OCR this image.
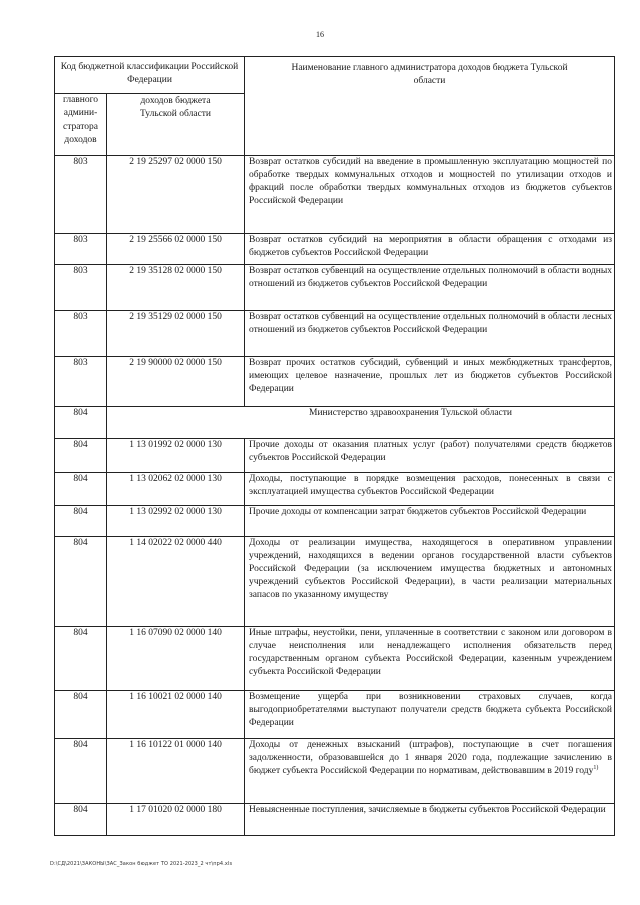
16
Код бюджетной классификации Российской Федерации		Наименование главного администратора доходов бюджета Тульской области
главного админи-стратора доходов	доходов бюджета Тульской области	
803	2 19 25297 02 0000 150	Возврат остатков субсидий на введение в промышленную эксплуатацию мощностей по обработке твердых коммунальных отходов и мощностей по утилизации отходов и фракций после обработки твердых коммунальных отходов из бюджетов субъектов Российской Федерации
803	2 19 25566 02 0000 150	Возврат остатков субсидий на мероприятия в области обращения с отходами из бюджетов субъектов Российской Федерации
803	2 19 35128 02 0000 150	Возврат остатков субвенций на осуществление отдельных полномочий в области водных отношений из бюджетов субъектов Российской Федерации
803	2 19 35129 02 0000 150	Возврат остатков субвенций на осуществление отдельных полномочий в области лесных отношений из бюджетов субъектов Российской Федерации
803	2 19 90000 02 0000 150	Возврат прочих остатков субсидий, субвенций и иных межбюджетных трансфертов, имеющих целевое назначение, прошлых лет из бюджетов субъектов Российской Федерации
804	Министерство здравоохранения Тульской области	
804	1 13 01992 02 0000 130	Прочие доходы от оказания платных услуг (работ) получателями средств бюджетов субъектов Российской Федерации
804	1 13 02062 02 0000 130	Доходы, поступающие в порядке возмещения расходов, понесенных в связи с эксплуатацией имущества субъектов Российской Федерации
804	1 13 02992 02 0000 130	Прочие доходы от компенсации затрат бюджетов субъектов Российской Федерации
804	1 14 02022 02 0000 440	Доходы от реализации имущества, находящегося в оперативном управлении учреждений, находящихся в ведении органов государственной власти субъектов Российской Федерации (за исключением имущества бюджетных и автономных учреждений субъектов Российской Федерации), в части реализации материальных запасов по указанному имуществу
804	1 16 07090 02 0000 140	Иные штрафы, неустойки, пени, уплаченные в соответствии с законом или договором в случае неисполнения или ненадлежащего исполнения обязательств перед государственным органом субъекта Российской Федерации, казенным учреждением субъекта Российской Федерации
804	1 16 10021 02 0000 140	Возмещение ущерба при возникновении страховых случаев, когда выгодоприобретателями выступают получатели средств бюджета субъекта Российской Федерации
804	1 16 10122 01 0000 140	Доходы от денежных взысканий (штрафов), поступающие в счет погашения задолженности, образовавшейся до 1 января 2020 года, подлежащие зачислению в бюджет субъекта Российской Федерации по нормативам, действовавшим в 2019 году$^{1)}$
804	1 17 01020 02 0000 180	Невыясненные поступления, зачисляемые в бюджеты субъектов Российской Федерации
D:\СД\2021\ЗАКОНЫ\ЗАС_Закон бюджет ТО 2021-2023_2 чт\пр4.xls
